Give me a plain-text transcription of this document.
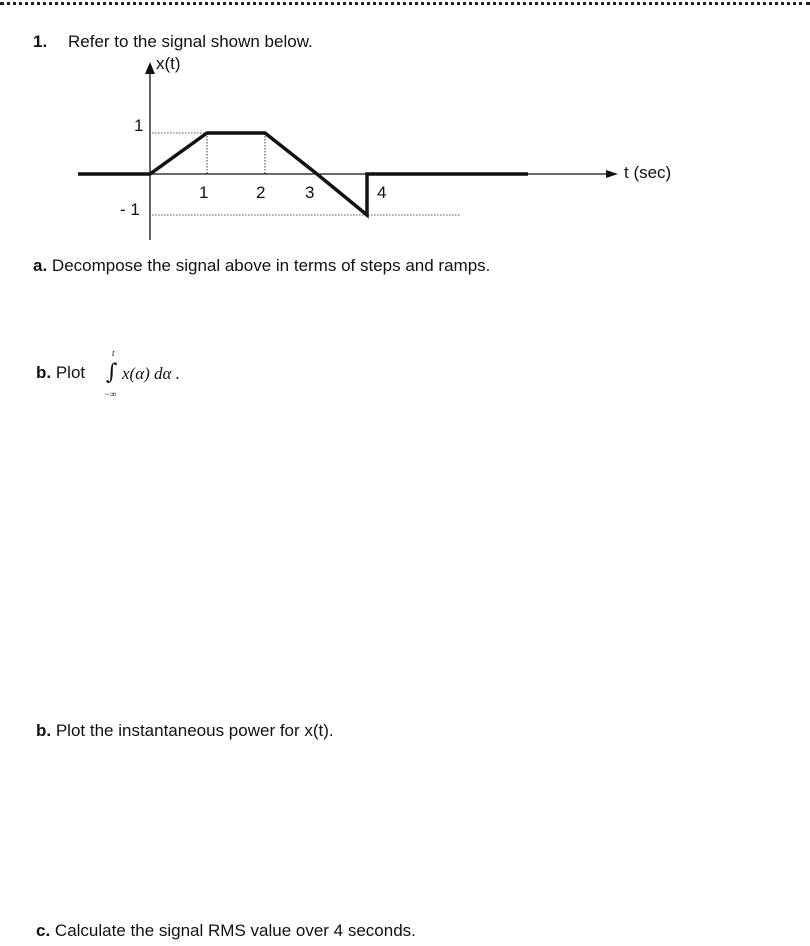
1. Refer to the signal shown below.
x(t)
t (sec)
1	2 3	4
1
- 1
a. Decompose the signal above in terms of steps and ramps.
b. Plot
t
∫
−∞
x(α) dα .
b. Plot the instantaneous power for x(t).
c. Calculate the signal RMS value over 4 seconds.
